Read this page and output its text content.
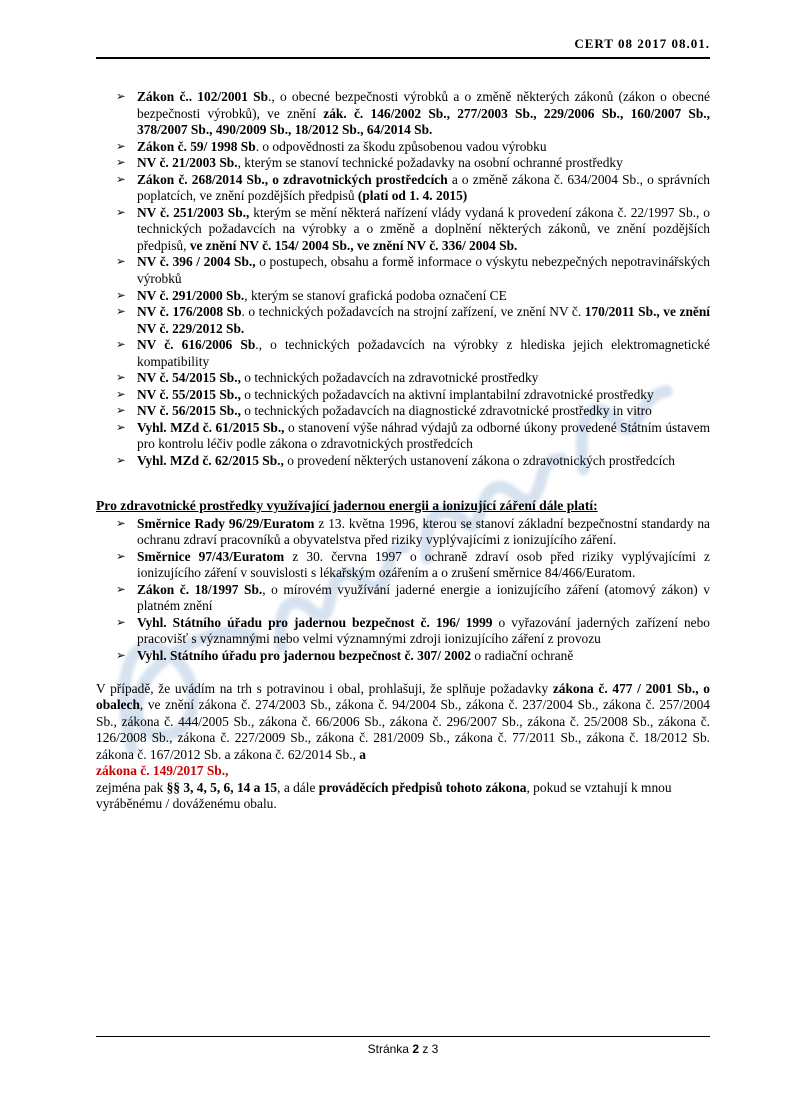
CERT 08 2017 08.01.
➢ Zákon č.. 102/2001 Sb., o obecné bezpečnosti výrobků a o změně některých zákonů (zákon o obecné bezpečnosti výrobků), ve znění zák. č. 146/2002 Sb., 277/2003 Sb., 229/2006 Sb., 160/2007 Sb., 378/2007 Sb., 490/2009 Sb., 18/2012 Sb., 64/2014 Sb.
➢ Zákon č. 59/ 1998 Sb. o odpovědnosti za škodu způsobenou vadou výrobku
➢ NV č. 21/2003 Sb., kterým se stanoví technické požadavky na osobní ochranné prostředky
➢ Zákon č. 268/2014 Sb., o zdravotnických prostředcích a o změně zákona č. 634/2004 Sb., o správních poplatcích, ve znění pozdějších předpisů (platí od 1. 4. 2015)
➢ NV č. 251/2003 Sb., kterým se mění některá nařízení vlády vydaná k provedení zákona č. 22/1997 Sb., o technických požadavcích na výrobky a o změně a doplnění některých zákonů, ve znění pozdějších předpisů, ve znění NV č. 154/ 2004 Sb., ve znění NV č. 336/ 2004 Sb.
➢ NV č. 396 / 2004 Sb., o postupech, obsahu a formě informace o výskytu nebezpečných nepotravinářských výrobků
➢ NV č. 291/2000 Sb., kterým se stanoví grafická podoba označení CE
➢ NV č. 176/2008 Sb. o technických požadavcích na strojní zařízení, ve znění NV č. 170/2011 Sb., ve znění NV č. 229/2012 Sb.
➢ NV č. 616/2006 Sb., o technických požadavcích na výrobky z hlediska jejich elektromagnetické kompatibility
➢ NV č. 54/2015 Sb., o technických požadavcích na zdravotnické prostředky
➢ NV č. 55/2015 Sb., o technických požadavcích na aktivní implantabilní zdravotnické prostředky
➢ NV č. 56/2015 Sb., o technických požadavcích na diagnostické zdravotnické prostředky in vitro
➢ Vyhl. MZd č. 61/2015 Sb., o stanovení výše náhrad výdajů za odborné úkony provedené Státním ústavem pro kontrolu léčiv podle zákona o zdravotnických prostředcích
➢ Vyhl. MZd č. 62/2015 Sb., o provedení některých ustanovení zákona o zdravotnických prostředcích
Pro zdravotnické prostředky využívající jadernou energii a ionizující záření dále platí:
➢ Směrnice Rady 96/29/Euratom z 13. května 1996, kterou se stanoví základní bezpečnostní standardy na ochranu zdraví pracovníků a obyvatelstva před riziky vyplývajícími z ionizujícího záření.
➢ Směrnice 97/43/Euratom z 30. června 1997 o ochraně zdraví osob před riziky vyplývajícími z ionizujícího záření v souvislosti s lékařským ozářením a o zrušení směrnice 84/466/Euratom.
➢ Zákon č. 18/1997 Sb., o mírovém využívání jaderné energie a ionizujícího záření (atomový zákon) v platném znění
➢ Vyhl. Státního úřadu pro jadernou bezpečnost č. 196/ 1999 o vyřazování jaderných zařízení nebo pracovišť s významnými nebo velmi významnými zdroji ionizujícího záření z provozu
➢ Vyhl. Státního úřadu pro jadernou bezpečnost č. 307/ 2002 o radiační ochraně

V případě, že uvádím na trh s potravinou i obal, prohlašuji, že splňuje požadavky zákona č. 477 / 2001 Sb., o obalech, ve znění zákona č. 274/2003 Sb., zákona č. 94/2004 Sb., zákona č. 237/2004 Sb., zákona č. 257/2004 Sb., zákona č. 444/2005 Sb., zákona č. 66/2006 Sb., zákona č. 296/2007 Sb., zákona č. 25/2008 Sb., zákona č. 126/2008 Sb., zákona č. 227/2009 Sb., zákona č. 281/2009 Sb., zákona č. 77/2011 Sb., zákona č. 18/2012 Sb. zákona č. 167/2012 Sb. a zákona č. 62/2014 Sb., a

zákona č. 149/2017 Sb.,

zejména pak §§ 3, 4, 5, 6, 14 a 15, a dále prováděcích předpisů tohoto zákona, pokud se vztahují k mnou vyráběnému / dováženému obalu.

Stránka 2 z 3
